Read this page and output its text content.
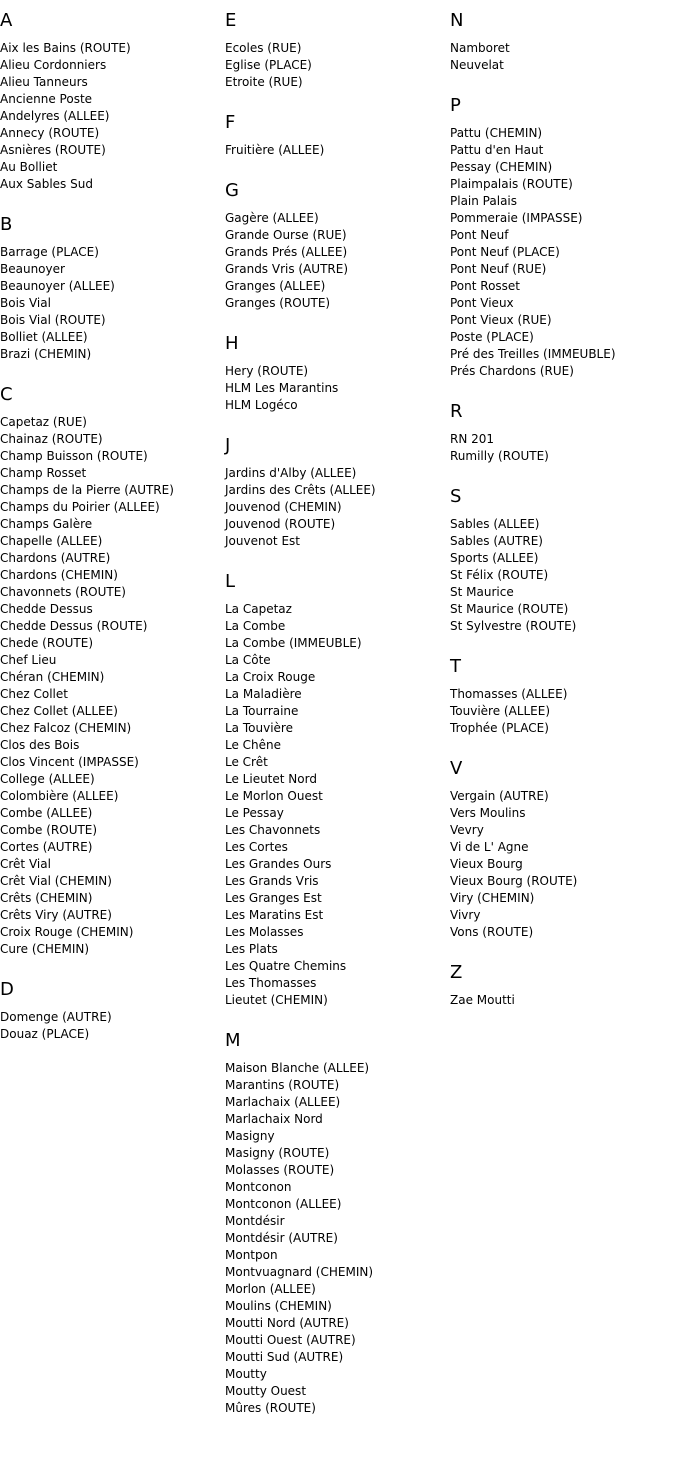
A
Aix les Bains (ROUTE)
Alieu Cordonniers
Alieu Tanneurs
Ancienne Poste
Andelyres (ALLEE)
Annecy (ROUTE)
Asnières (ROUTE)
Au Bolliet
Aux Sables Sud
B
Barrage (PLACE)
Beaunoyer
Beaunoyer (ALLEE)
Bois Vial
Bois Vial (ROUTE)
Bolliet (ALLEE)
Brazi (CHEMIN)
C
Capetaz (RUE)
Chainaz (ROUTE)
Champ Buisson (ROUTE)
Champ Rosset
Champs de la Pierre (AUTRE)
Champs du Poirier (ALLEE)
Champs Galère
Chapelle (ALLEE)
Chardons (AUTRE)
Chardons (CHEMIN)
Chavonnets (ROUTE)
Chedde Dessus
Chedde Dessus (ROUTE)
Chede (ROUTE)
Chef Lieu
Chéran (CHEMIN)
Chez Collet
Chez Collet (ALLEE)
Chez Falcoz (CHEMIN)
Clos des Bois
Clos Vincent (IMPASSE)
College (ALLEE)
Colombière (ALLEE)
Combe (ALLEE)
Combe (ROUTE)
Cortes (AUTRE)
Crêt Vial
Crêt Vial (CHEMIN)
Crêts (CHEMIN)
Crêts Viry (AUTRE)
Croix Rouge (CHEMIN)
Cure (CHEMIN)
D
Domenge (AUTRE)
Douaz (PLACE)
E
Ecoles (RUE)
Eglise (PLACE)
Etroite (RUE)
F
Fruitière (ALLEE)
G
Gagère (ALLEE)
Grande Ourse (RUE)
Grands Prés (ALLEE)
Grands Vris (AUTRE)
Granges (ALLEE)
Granges (ROUTE)
H
Hery (ROUTE)
HLM Les Marantins
HLM Logéco
J
Jardins d'Alby (ALLEE)
Jardins des Crêts (ALLEE)
Jouvenod (CHEMIN)
Jouvenod (ROUTE)
Jouvenot Est
L
La Capetaz
La Combe
La Combe (IMMEUBLE)
La Côte
La Croix Rouge
La Maladière
La Tourraine
La Touvière
Le Chêne
Le Crêt
Le Lieutet Nord
Le Morlon Ouest
Le Pessay
Les Chavonnets
Les Cortes
Les Grandes Ours
Les Grands Vris
Les Granges Est
Les Maratins Est
Les Molasses
Les Plats
Les Quatre Chemins
Les Thomasses
Lieutet (CHEMIN)
M
Maison Blanche (ALLEE)
Marantins (ROUTE)
Marlachaix (ALLEE)
Marlachaix Nord
Masigny
Masigny (ROUTE)
Molasses (ROUTE)
Montconon
Montconon (ALLEE)
Montdésir
Montdésir (AUTRE)
Montpon
Montvuagnard (CHEMIN)
Morlon (ALLEE)
Moulins (CHEMIN)
Moutti Nord (AUTRE)
Moutti Ouest (AUTRE)
Moutti Sud (AUTRE)
Moutty
Moutty Ouest
Mûres (ROUTE)
N
Namboret
Neuvelat
P
Pattu (CHEMIN)
Pattu d'en Haut
Pessay (CHEMIN)
Plaimpalais (ROUTE)
Plain Palais
Pommeraie (IMPASSE)
Pont Neuf
Pont Neuf (PLACE)
Pont Neuf (RUE)
Pont Rosset
Pont Vieux
Pont Vieux (RUE)
Poste (PLACE)
Pré des Treilles (IMMEUBLE)
Prés Chardons (RUE)
R
RN 201
Rumilly (ROUTE)
S
Sables (ALLEE)
Sables (AUTRE)
Sports (ALLEE)
St Félix (ROUTE)
St Maurice
St Maurice (ROUTE)
St Sylvestre (ROUTE)
T
Thomasses (ALLEE)
Touvière (ALLEE)
Trophée (PLACE)
V
Vergain (AUTRE)
Vers Moulins
Vevry
Vi de L' Agne
Vieux Bourg
Vieux Bourg (ROUTE)
Viry (CHEMIN)
Vivry
Vons (ROUTE)
Z
Zae Moutti
